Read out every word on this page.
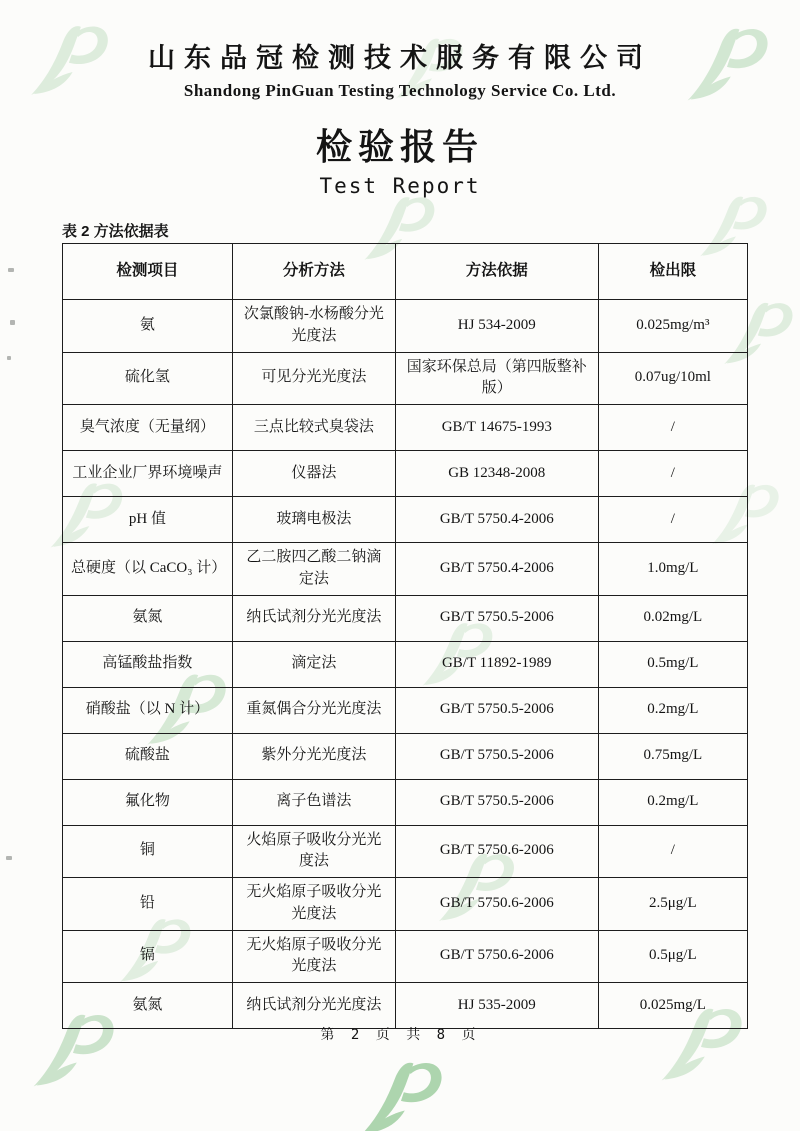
山东品冠检测技术服务有限公司
Shandong PinGuan Testing Technology Service Co. Ltd.
检验报告
Test Report
表 2 方法依据表
检测项目	分析方法	方法依据	检出限
氨	次氯酸钠-水杨酸分光光度法	HJ 534-2009	0.025mg/m³
硫化氢	可见分光光度法	国家环保总局（第四版整补版）	0.07ug/10ml
臭气浓度（无量纲）	三点比较式臭袋法	GB/T 14675-1993	/
工业企业厂界环境噪声	仪器法	GB 12348-2008	/
pH 值	玻璃电极法	GB/T 5750.4-2006	/
总硬度（以 CaCO₃ 计）	乙二胺四乙酸二钠滴定法	GB/T 5750.4-2006	1.0mg/L
氨氮	纳氏试剂分光光度法	GB/T 5750.5-2006	0.02mg/L
高锰酸盐指数	滴定法	GB/T 11892-1989	0.5mg/L
硝酸盐（以 N 计）	重氮偶合分光光度法	GB/T 5750.5-2006	0.2mg/L
硫酸盐	紫外分光光度法	GB/T 5750.5-2006	0.75mg/L
氟化物	离子色谱法	GB/T 5750.5-2006	0.2mg/L
铜	火焰原子吸收分光光度法	GB/T 5750.6-2006	/
铅	无火焰原子吸收分光光度法	GB/T 5750.6-2006	2.5μg/L
镉	无火焰原子吸收分光光度法	GB/T 5750.6-2006	0.5μg/L
氨氮	纳氏试剂分光光度法	HJ 535-2009	0.025mg/L
第 2 页 共 8 页
